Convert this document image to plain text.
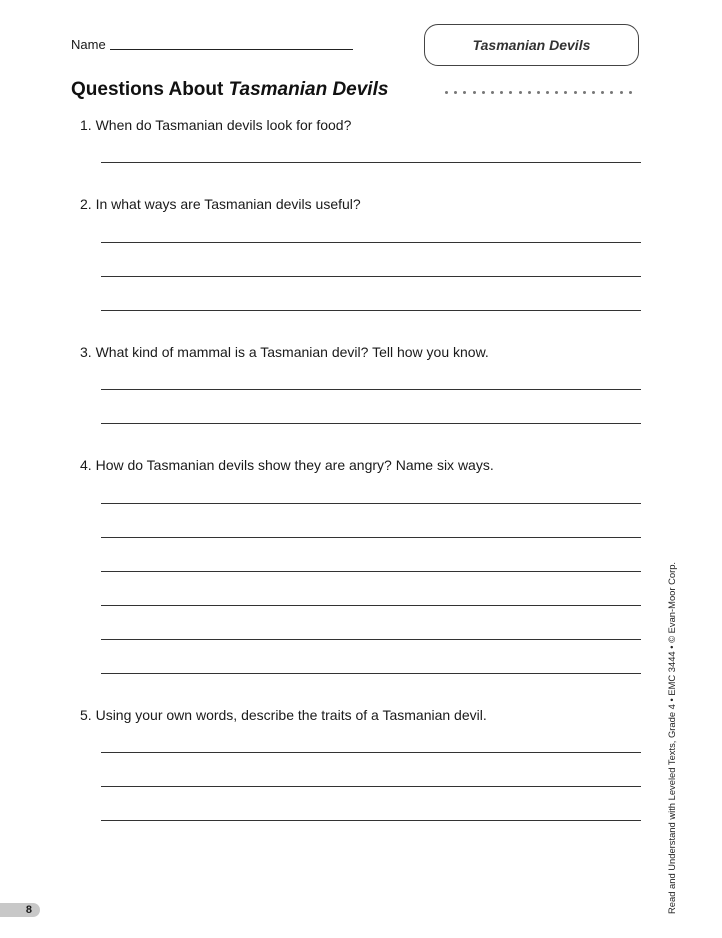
Name	Tasmanian Devils
Questions About Tasmanian Devils
1. When do Tasmanian devils look for food?
2. In what ways are Tasmanian devils useful?
3. What kind of mammal is a Tasmanian devil? Tell how you know.
4. How do Tasmanian devils show they are angry? Name six ways.
5. Using your own words, describe the traits of a Tasmanian devil.	Read and Understand with Leveled Texts, Grade 4 • EMC 3444 • © Evan-Moor Corp.
8
